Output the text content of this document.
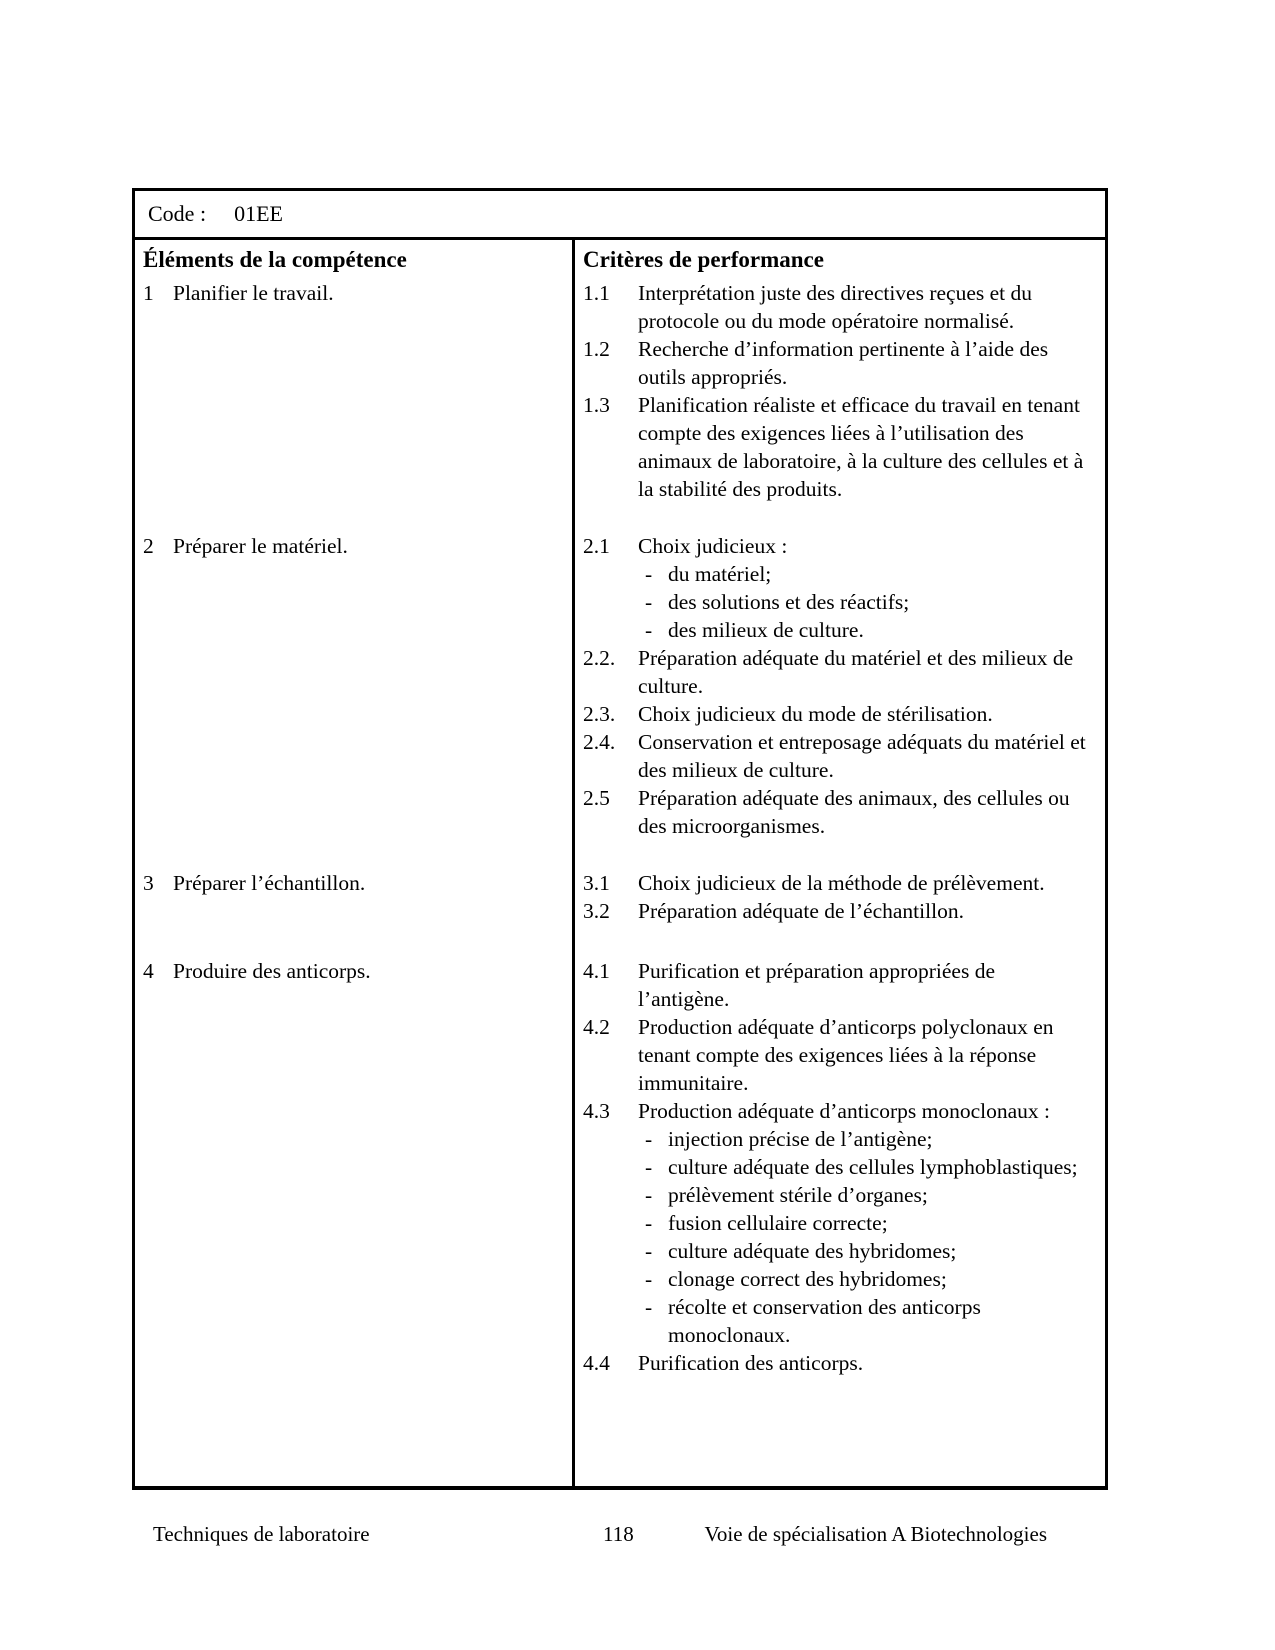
Code : 01EE
Éléments de la compétence	Critères de performance
1 Planifier le travail.	1.1 Interprétation juste des directives reçues et du protocole ou du mode opératoire normalisé.
1.2 Recherche d’information pertinente à l’aide des outils appropriés.
1.3 Planification réaliste et efficace du travail en tenant compte des exigences liées à l’utilisation des animaux de laboratoire, à la culture des cellules et à la stabilité des produits.
2 Préparer le matériel.	2.1 Choix judicieux :
- du matériel;
- des solutions et des réactifs;
- des milieux de culture.
2.2. Préparation adéquate du matériel et des milieux de culture.
2.3. Choix judicieux du mode de stérilisation.
2.4. Conservation et entreposage adéquats du matériel et des milieux de culture.
2.5 Préparation adéquate des animaux, des cellules ou des microorganismes.
3 Préparer l’échantillon.	3.1 Choix judicieux de la méthode de prélèvement.
3.2 Préparation adéquate de l’échantillon.
4 Produire des anticorps.	4.1 Purification et préparation appropriées de l’antigène.
4.2 Production adéquate d’anticorps polyclonaux en tenant compte des exigences liées à la réponse immunitaire.
4.3 Production adéquate d’anticorps monoclonaux :
- injection précise de l’antigène;
- culture adéquate des cellules lymphoblastiques;
- prélèvement stérile d’organes;
- fusion cellulaire correcte;
- culture adéquate des hybridomes;
- clonage correct des hybridomes;
- récolte et conservation des anticorps monoclonaux.
4.4 Purification des anticorps.
Techniques de laboratoire	118	Voie de spécialisation A Biotechnologies
